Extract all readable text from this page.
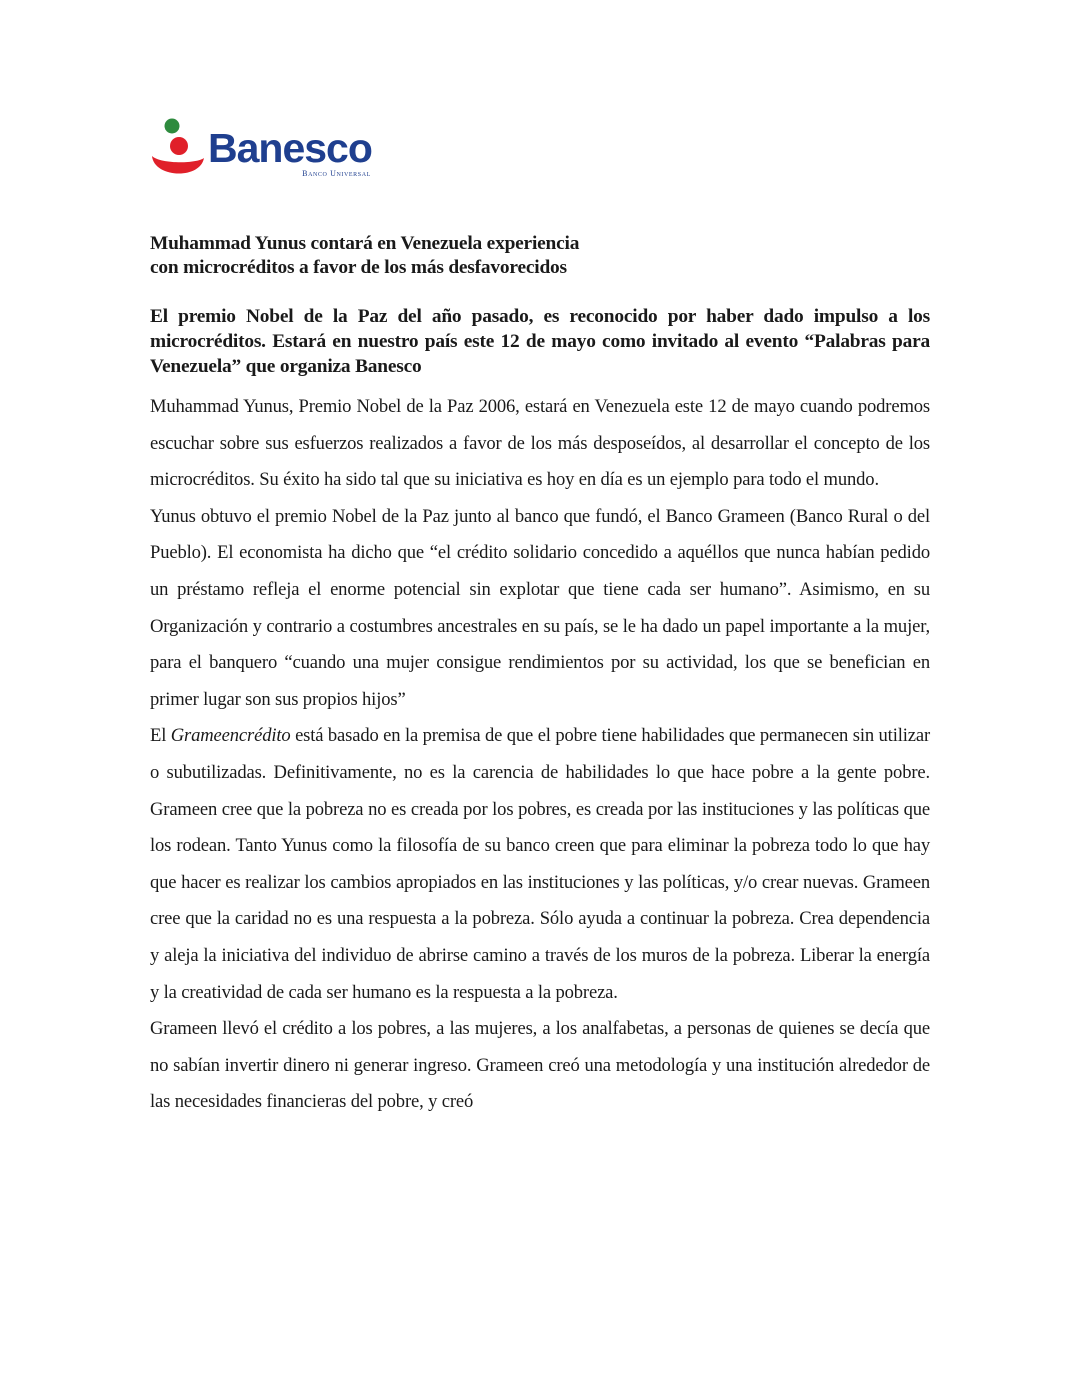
Banesco
Banco Universal
Muhammad Yunus contará en Venezuela experiencia
con microcréditos a favor de los más desfavorecidos
El premio Nobel de la Paz del año pasado, es reconocido por haber dado impulso a los microcréditos. Estará en nuestro país este 12 de mayo como invitado al evento “Palabras para Venezuela” que organiza Banesco

Muhammad Yunus, Premio Nobel de la Paz 2006, estará en Venezuela este 12 de mayo cuando podremos escuchar sobre sus esfuerzos realizados a favor de los más desposeídos, al desarrollar el concepto de los microcréditos. Su éxito ha sido tal que su iniciativa es hoy en día es un ejemplo para todo el mundo.

Yunus obtuvo el premio Nobel de la Paz junto al banco que fundó, el Banco Grameen (Banco Rural o del Pueblo). El economista ha dicho que “el crédito solidario concedido a aquéllos que nunca habían pedido un préstamo refleja el enorme potencial sin explotar que tiene cada ser humano”. Asimismo, en su Organización y contrario a costumbres ancestrales en su país, se le ha dado un papel importante a la mujer, para el banquero “cuando una mujer consigue rendimientos por su actividad, los que se benefician en primer lugar son sus propios hijos”

El Grameencrédito está basado en la premisa de que el pobre tiene habilidades que permanecen sin utilizar o subutilizadas. Definitivamente, no es la carencia de habilidades lo que hace pobre a la gente pobre. Grameen cree que la pobreza no es creada por los pobres, es creada por las instituciones y las políticas que los rodean. Tanto Yunus como la filosofía de su banco creen que para eliminar la pobreza todo lo que hay que hacer es realizar los cambios apropiados en las instituciones y las políticas, y/o crear nuevas. Grameen cree que la caridad no es una respuesta a la pobreza. Sólo ayuda a continuar la pobreza. Crea dependencia y aleja la iniciativa del individuo de abrirse camino a través de los muros de la pobreza. Liberar la energía y la creatividad de cada ser humano es la respuesta a la pobreza.

Grameen llevó el crédito a los pobres, a las mujeres, a los analfabetas, a personas de quienes se decía que no sabían invertir dinero ni generar ingreso. Grameen creó una metodología y una institución alrededor de las necesidades financieras del pobre, y creó
